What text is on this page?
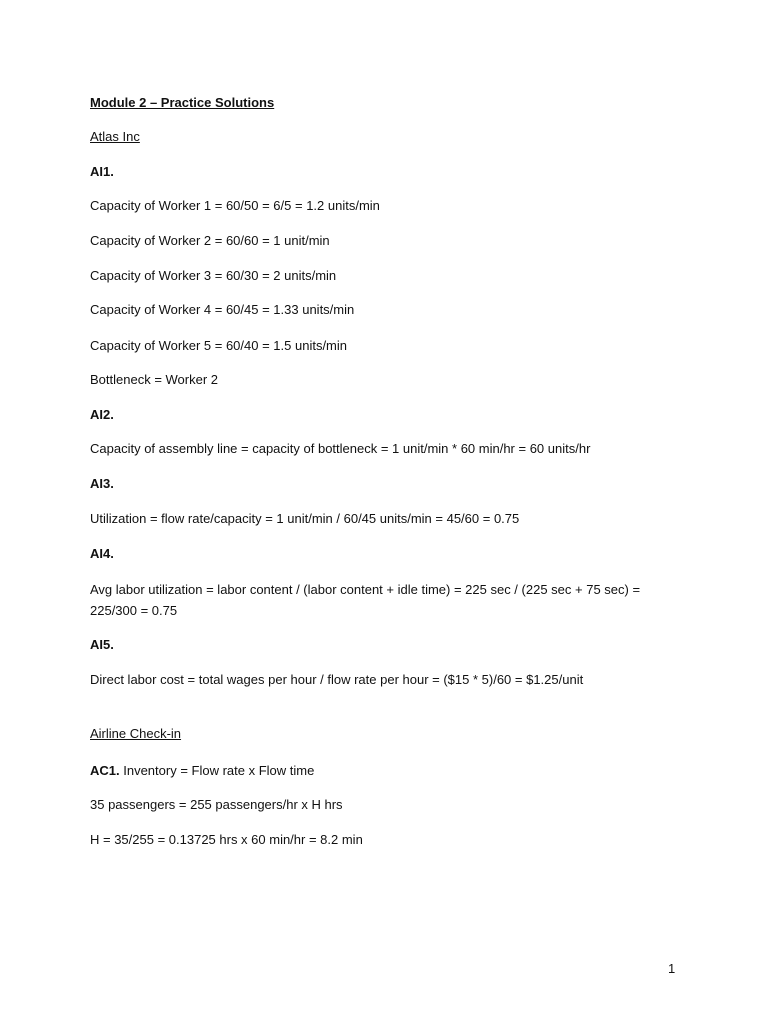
Module 2 – Practice Solutions
Atlas Inc
AI1.
Capacity of Worker 1 = 60/50 = 6/5 = 1.2 units/min
Capacity of Worker 2 = 60/60 = 1 unit/min
Capacity of Worker 3 = 60/30 = 2 units/min
Capacity of Worker 4 = 60/45 = 1.33 units/min
Capacity of Worker 5 = 60/40 = 1.5 units/min
Bottleneck = Worker 2
AI2.
Capacity of assembly line = capacity of bottleneck = 1 unit/min * 60 min/hr = 60 units/hr
AI3.
Utilization = flow rate/capacity = 1 unit/min / 60/45 units/min = 45/60 = 0.75
AI4.
Avg labor utilization = labor content / (labor content + idle time) = 225 sec / (225 sec + 75 sec) = 225/300 = 0.75
AI5.
Direct labor cost = total wages per hour / flow rate per hour = ($15 * 5)/60 = $1.25/unit
Airline Check-in
AC1. Inventory = Flow rate x Flow time
35 passengers = 255 passengers/hr x H hrs
H = 35/255 = 0.13725 hrs x 60 min/hr = 8.2 min
1
